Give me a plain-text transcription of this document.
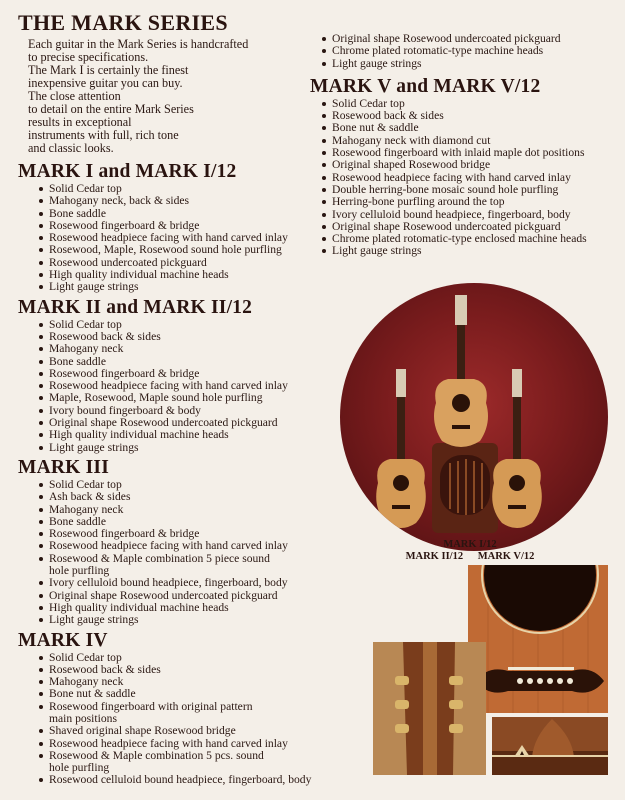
THE MARK SERIES

Each guitar in the Mark Series is handcrafted
to precise specifications.
The Mark I is certainly the finest
inexpensive guitar you can buy.
The close attention
to detail on the entire Mark Series
results in exceptional
instruments with full, rich tone
and classic looks.

MARK I and MARK I/12
Solid Cedar top
Mahogany neck, back & sides
Bone saddle
Rosewood fingerboard & bridge
Rosewood headpiece facing with hand carved inlay
Rosewood, Maple, Rosewood sound hole purfling
Rosewood undercoated pickguard
High quality individual machine heads
Light gauge strings
MARK II and MARK II/12
Solid Cedar top
Rosewood back & sides
Mahogany neck
Bone saddle
Rosewood fingerboard & bridge
Rosewood headpiece facing with hand carved inlay
Maple, Rosewood, Maple sound hole purfling
Ivory bound fingerboard & body
Original shape Rosewood undercoated pickguard
High quality individual machine heads
Light gauge strings
MARK III
Solid Cedar top
Ash back & sides
Mahogany neck
Bone saddle
Rosewood fingerboard & bridge
Rosewood headpiece facing with hand carved inlay
Rosewood & Maple combination 5 piece sound
hole purfling
Ivory celluloid bound headpiece, fingerboard, body
Original shape Rosewood undercoated pickguard
High quality individual machine heads
Light gauge strings
MARK IV
Solid Cedar top
Rosewood back & sides
Mahogany neck
Bone nut & saddle
Rosewood fingerboard with original pattern
main positions
Shaved original shape Rosewood bridge
Rosewood headpiece facing with hand carved inlay
Rosewood & Maple combination 5 pcs. sound
hole purfling
Rosewood celluloid bound headpiece, fingerboard, body
Original shape Rosewood undercoated pickguard
Chrome plated rotomatic-type machine heads
Light gauge strings
MARK V and MARK V/12
Solid Cedar top
Rosewood back & sides
Bone nut & saddle
Mahogany neck with diamond cut
Rosewood fingerboard with inlaid maple dot positions
Original shaped Rosewood bridge
Rosewood headpiece facing with hand carved inlay
Double herring-bone mosaic sound hole purfling
Herring-bone purfling around the top
Ivory celluloid bound headpiece, fingerboard, body
Original shape Rosewood undercoated pickguard
Chrome plated rotomatic-type enclosed machine heads
Light gauge strings
MARK I/12
MARK II/12 MARK V/12
